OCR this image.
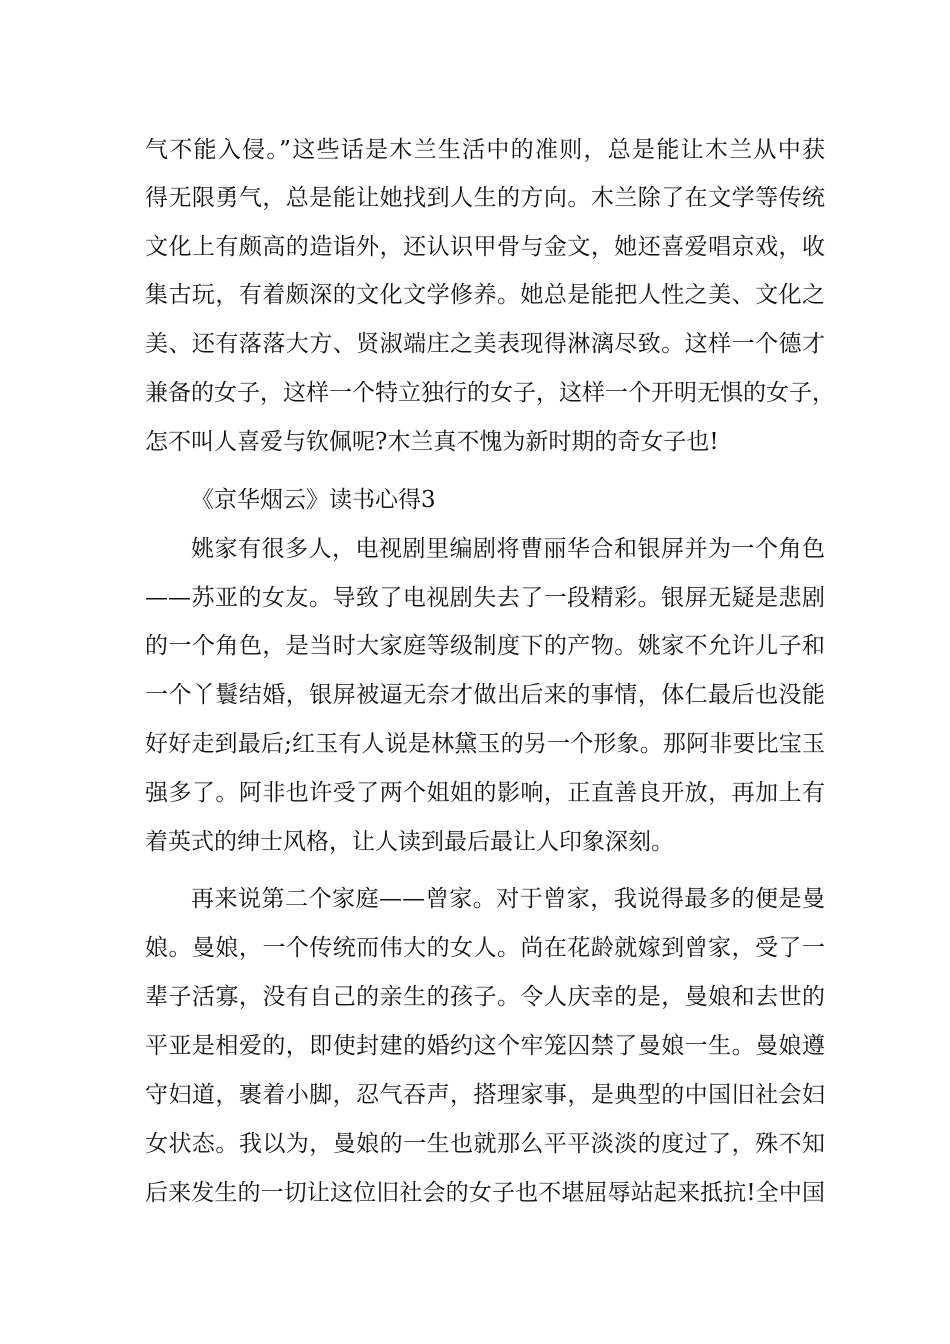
气不能入侵。”这些话是木兰生活中的准则，总是能让木兰从中获
得无限勇气，总是能让她找到人生的方向。木兰除了在文学等传统
文化上有颇高的造诣外，还认识甲骨与金文，她还喜爱唱京戏，收
集古玩，有着颇深的文化文学修养。她总是能把人性之美、文化之
美、还有落落大方、贤淑端庄之美表现得淋漓尽致。这样一个德才
兼备的女子，这样一个特立独行的女子，这样一个开明无惧的女子，
怎不叫人喜爱与钦佩呢?木兰真不愧为新时期的奇女子也!
《京华烟云》读书心得3
姚家有很多人，电视剧里编剧将曹丽华合和银屏并为一个角色
——苏亚的女友。导致了电视剧失去了一段精彩。银屏无疑是悲剧
的一个角色，是当时大家庭等级制度下的产物。姚家不允许儿子和
一个丫鬟结婚，银屏被逼无奈才做出后来的事情，体仁最后也没能
好好走到最后;红玉有人说是林黛玉的另一个形象。那阿非要比宝玉
强多了。阿非也许受了两个姐姐的影响，正直善良开放，再加上有
着英式的绅士风格，让人读到最后最让人印象深刻。
再来说第二个家庭——曾家。对于曾家，我说得最多的便是曼
娘。曼娘，一个传统而伟大的女人。尚在花龄就嫁到曾家，受了一
辈子活寡，没有自己的亲生的孩子。令人庆幸的是，曼娘和去世的
平亚是相爱的，即使封建的婚约这个牢笼囚禁了曼娘一生。曼娘遵
守妇道，裹着小脚，忍气吞声，搭理家事，是典型的中国旧社会妇
女状态。我以为，曼娘的一生也就那么平平淡淡的度过了，殊不知
后来发生的一切让这位旧社会的女子也不堪屈辱站起来抵抗!全中国
